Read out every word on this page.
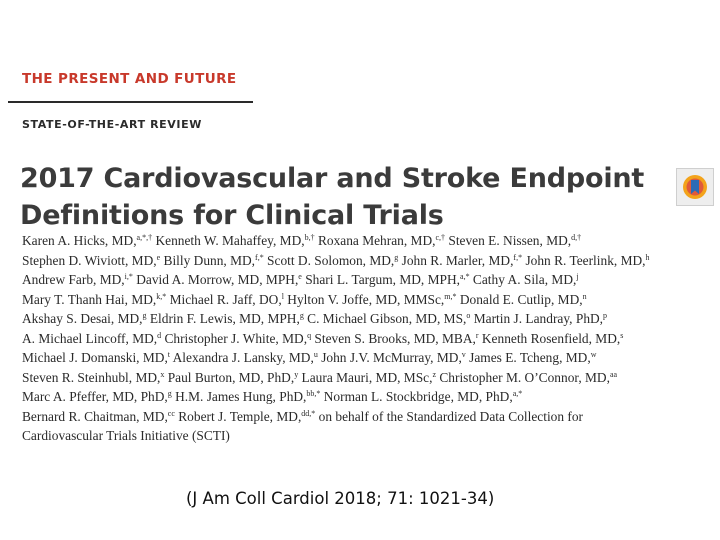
THE PRESENT AND FUTURE
STATE-OF-THE-ART REVIEW
2017 Cardiovascular and Stroke Endpoint
Definitions for Clinical Trials
Karen A. Hicks, MD,$^{a,*,\dagger}$ Kenneth W. Mahaffey, MD,$^{b,\dagger}$ Roxana Mehran, MD,$^{c,\dagger}$ Steven E. Nissen, MD,$^{d,\dagger}$
Stephen D. Wiviott, MD,$^e$ Billy Dunn, MD,$^{f,*}$ Scott D. Solomon, MD,$^g$ John R. Marler, MD,$^{f,*}$ John R. Teerlink, MD,$^h$
Andrew Farb, MD,$^{i,*}$ David A. Morrow, MD, MPH,$^e$ Shari L. Targum, MD, MPH,$^{a,*}$ Cathy A. Sila, MD,$^j$
Mary T. Thanh Hai, MD,$^{k,*}$ Michael R. Jaff, DO,$^l$ Hylton V. Joffe, MD, MMSc,$^{m,*}$ Donald E. Cutlip, MD,$^n$
Akshay S. Desai, MD,$^g$ Eldrin F. Lewis, MD, MPH,$^g$ C. Michael Gibson, MD, MS,$^o$ Martin J. Landray, PhD,$^p$
A. Michael Lincoff, MD,$^d$ Christopher J. White, MD,$^q$ Steven S. Brooks, MD, MBA,$^r$ Kenneth Rosenfield, MD,$^s$
Michael J. Domanski, MD,$^t$ Alexandra J. Lansky, MD,$^u$ John J.V. McMurray, MD,$^v$ James E. Tcheng, MD,$^w$
Steven R. Steinhubl, MD,$^x$ Paul Burton, MD, PhD,$^y$ Laura Mauri, MD, MSc,$^z$ Christopher M. O’Connor, MD,$^{aa}$
Marc A. Pfeffer, MD, PhD,$^g$ H.M. James Hung, PhD,$^{bb,*}$ Norman L. Stockbridge, MD, PhD,$^{a,*}$
Bernard R. Chaitman, MD,$^{cc}$ Robert J. Temple, MD,$^{dd,*}$ on behalf of the Standardized Data Collection for
Cardiovascular Trials Initiative (SCTI)
(J Am Coll Cardiol 2018; 71: 1021-34)
